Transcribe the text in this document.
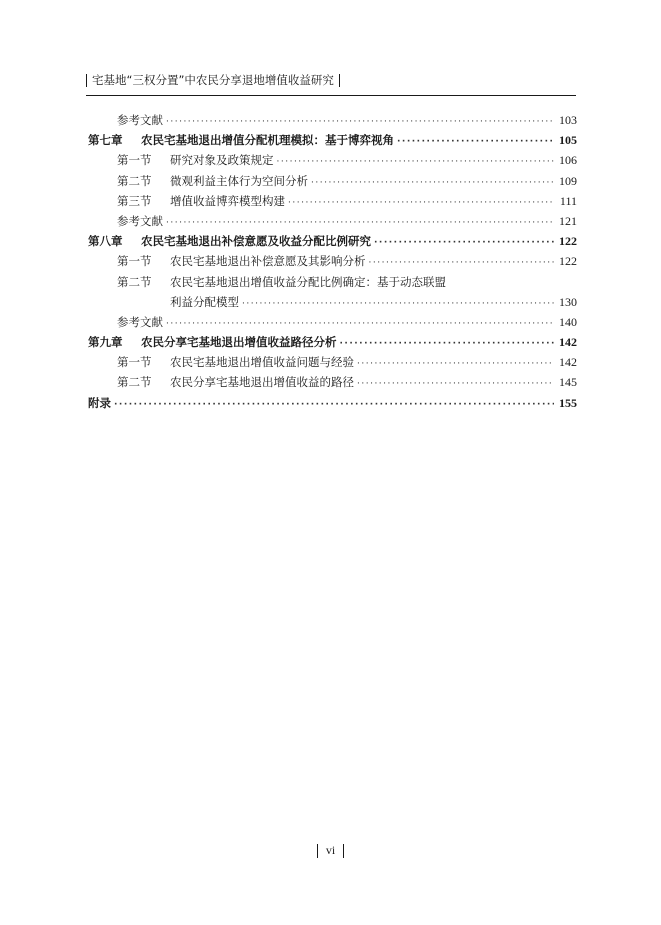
宅基地“三权分置”中农民分享退地增值收益研究
参考文献 ·····	103
第七章 农民宅基地退出增值分配机理模拟：基于博弈视角 ·····	105
第一节 研究对象及政策规定 ·····	106
第二节 微观利益主体行为空间分析 ·····	109
第三节 增值收益博弈模型构建 ·····	111
参考文献 ·····	121
第八章 农民宅基地退出补偿意愿及收益分配比例研究 ·····	122
第一节 农民宅基地退出补偿意愿及其影响分析 ·····	122
第二节 农民宅基地退出增值收益分配比例确定：基于动态联盟
利益分配模型 ·····	130
参考文献 ·····	140
第九章 农民分享宅基地退出增值收益路径分析 ·····	142
第一节 农民宅基地退出增值收益问题与经验 ·····	142
第二节 农民分享宅基地退出增值收益的路径 ·····	145
附录 ·····	155
vi
